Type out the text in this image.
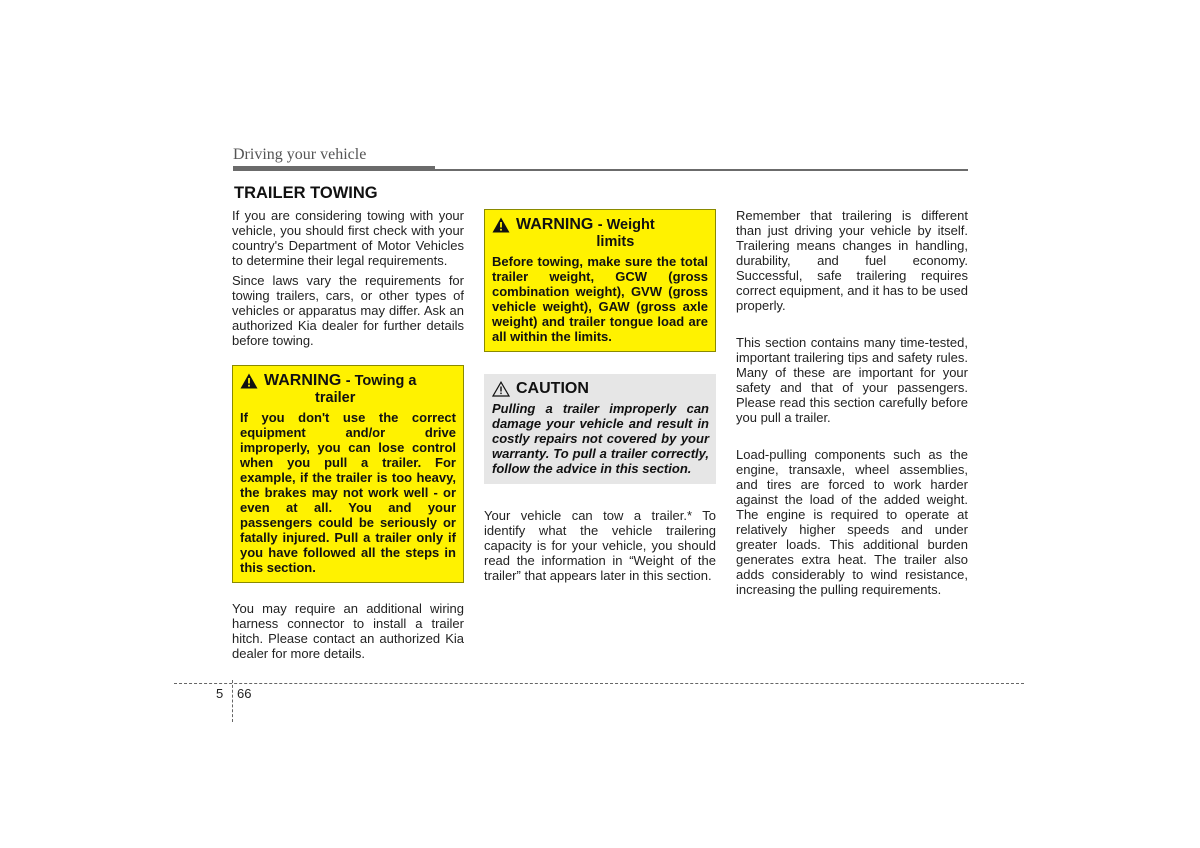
Driving your vehicle
TRAILER TOWING

If you are considering towing with your vehicle, you should first check with your country's Department of Motor Vehicles to determine their legal requirements.

Since laws vary the requirements for towing trailers, cars, or other types of vehicles or apparatus may differ. Ask an authorized Kia dealer for further details before towing.

WARNING - Towing a
trailer

If you don't use the correct equipment and/or drive improperly, you can lose control when you pull a trailer. For example, if the trailer is too heavy, the brakes may not work well - or even at all. You and your passengers could be seriously or fatally injured. Pull a trailer only if you have followed all the steps in this section.

You may require an additional wiring harness connector to install a trailer hitch. Please contact an authorized Kia dealer for more details.

WARNING - Weight
limits

Before towing, make sure the total trailer weight, GCW (gross combination weight), GVW (gross vehicle weight), GAW (gross axle weight) and trailer tongue load are all within the limits.

CAUTION

Pulling a trailer improperly can damage your vehicle and result in costly repairs not covered by your warranty. To pull a trailer correctly, follow the advice in this section.

Your vehicle can tow a trailer.* To identify what the vehicle trailering capacity is for your vehicle, you should read the information in “Weight of the trailer” that appears later in this section.

Remember that trailering is different than just driving your vehicle by itself. Trailering means changes in handling, durability, and fuel economy. Successful, safe trailering requires correct equipment, and it has to be used properly.

This section contains many time-tested, important trailering tips and safety rules. Many of these are important for your safety and that of your passengers. Please read this section carefully before you pull a trailer.

Load-pulling components such as the engine, transaxle, wheel assemblies, and tires are forced to work harder against the load of the added weight. The engine is required to operate at relatively higher speeds and under greater loads. This additional burden generates extra heat. The trailer also adds considerably to wind resistance, increasing the pulling requirements.

5 66
